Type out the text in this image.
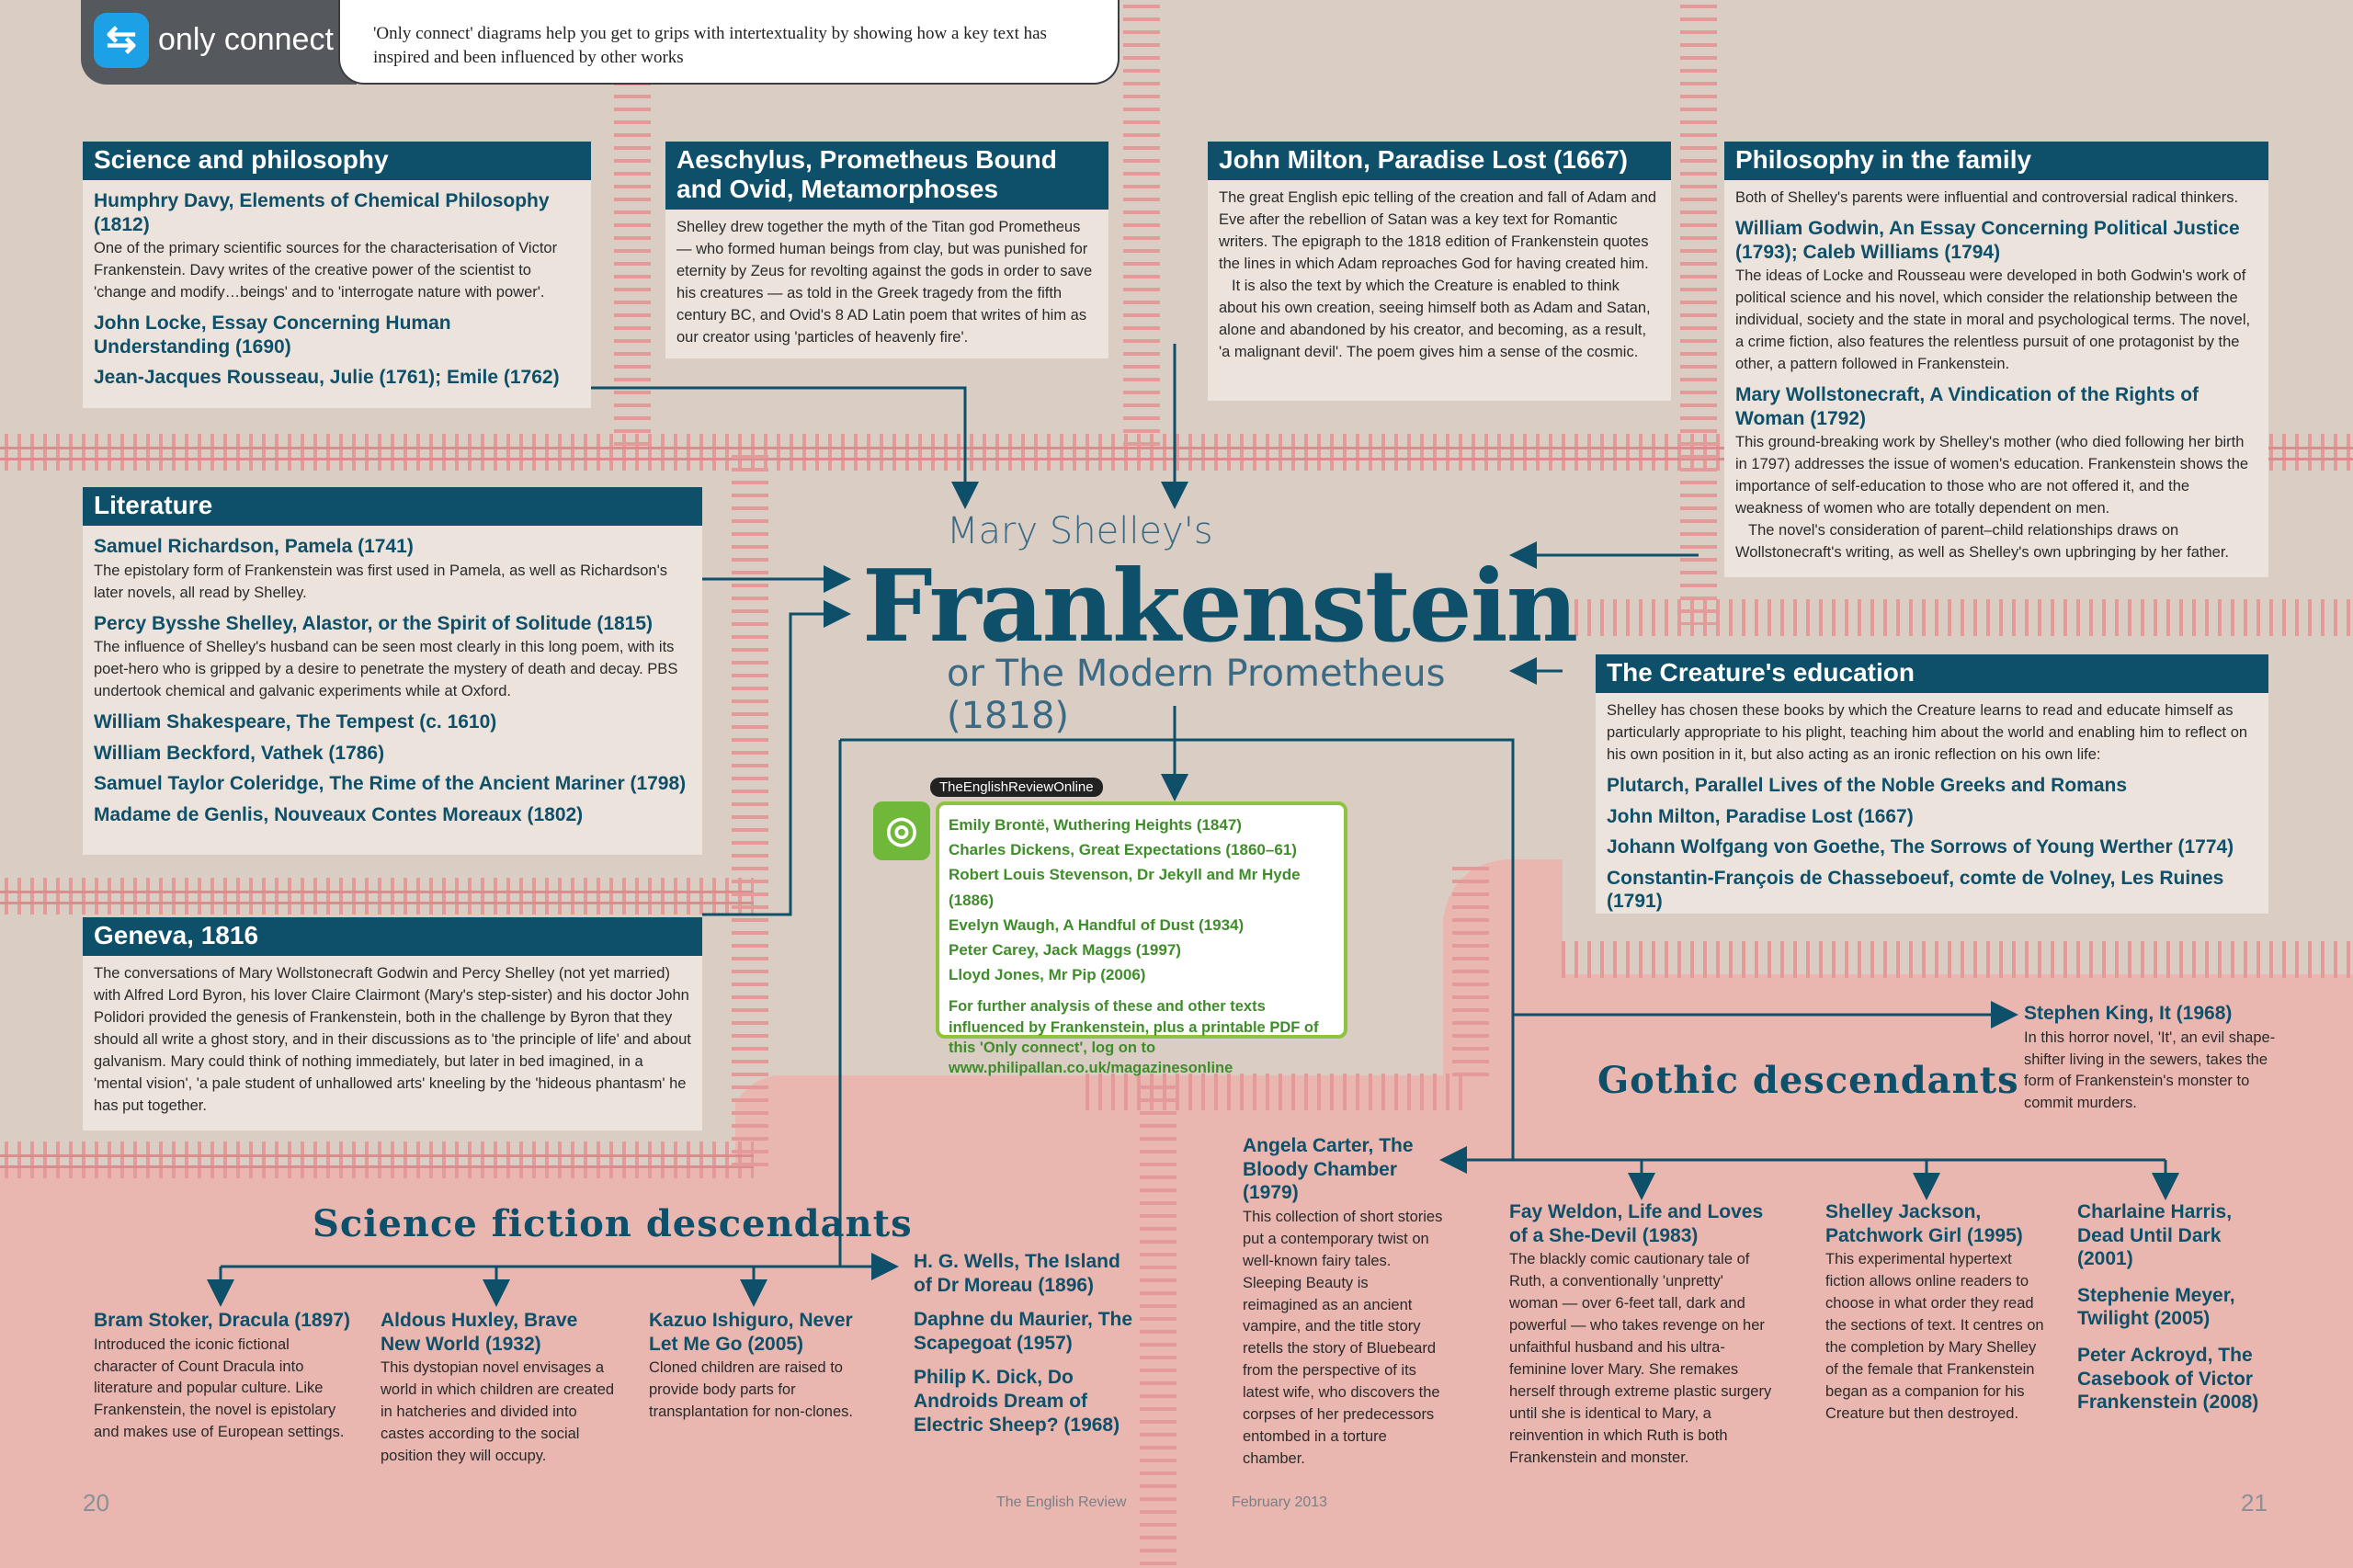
⇆ only connect 'Only connect' diagrams help you get to grips with intertextuality by showing how a key text has inspired and been influenced by other works
Science and philosophy
Humphry Davy, Elements of Chemical Philosophy (1812)
One of the primary scientific sources for the characterisation of Victor Frankenstein. Davy writes of the creative power of the scientist to 'change and modify…beings' and to 'interrogate nature with power'.
John Locke, Essay Concerning Human Understanding (1690)
Jean-Jacques Rousseau, Julie (1761); Emile (1762)
Aeschylus, Prometheus Bound and Ovid, Metamorphoses
Shelley drew together the myth of the Titan god Prometheus — who formed human beings from clay, but was punished for eternity by Zeus for revolting against the gods in order to save his creatures — as told in the Greek tragedy from the fifth century BC, and Ovid's 8 AD Latin poem that writes of him as our creator using 'particles of heavenly fire'.
John Milton, Paradise Lost (1667)
The great English epic telling of the creation and fall of Adam and Eve after the rebellion of Satan was a key text for Romantic writers. The epigraph to the 1818 edition of Frankenstein quotes the lines in which Adam reproaches God for having created him.
It is also the text by which the Creature is enabled to think about his own creation, seeing himself both as Adam and Satan, alone and abandoned by his creator, and becoming, as a result, 'a malignant devil'. The poem gives him a sense of the cosmic.
Philosophy in the family
Both of Shelley's parents were influential and controversial radical thinkers.
William Godwin, An Essay Concerning Political Justice (1793); Caleb Williams (1794)
The ideas of Locke and Rousseau were developed in both Godwin's work of political science and his novel, which consider the relationship between the individual, society and the state in moral and psychological terms. The novel, a crime fiction, also features the relentless pursuit of one protagonist by the other, a pattern followed in Frankenstein.
Mary Wollstonecraft, A Vindication of the Rights of Woman (1792)
This ground-breaking work by Shelley's mother (who died following her birth in 1797) addresses the issue of women's education. Frankenstein shows the importance of self-education to those who are not offered it, and the weakness of women who are totally dependent on men.
The novel's consideration of parent–child relationships draws on Wollstonecraft's writing, as well as Shelley's own upbringing by her father.
Literature
Samuel Richardson, Pamela (1741)
The epistolary form of Frankenstein was first used in Pamela, as well as Richardson's later novels, all read by Shelley.
Percy Bysshe Shelley, Alastor, or the Spirit of Solitude (1815)
The influence of Shelley's husband can be seen most clearly in this long poem, with its poet-hero who is gripped by a desire to penetrate the mystery of death and decay. PBS undertook chemical and galvanic experiments while at Oxford.
William Shakespeare, The Tempest (c. 1610)
William Beckford, Vathek (1786)
Samuel Taylor Coleridge, The Rime of the Ancient Mariner (1798)
Madame de Genlis, Nouveaux Contes Moreaux (1802)
Geneva, 1816
The conversations of Mary Wollstonecraft Godwin and Percy Shelley (not yet married) with Alfred Lord Byron, his lover Claire Clairmont (Mary's step-sister) and his doctor John Polidori provided the genesis of Frankenstein, both in the challenge by Byron that they should all write a ghost story, and in their discussions as to 'the principle of life' and about galvanism. Mary could think of nothing immediately, but later in bed imagined, in a 'mental vision', 'a pale student of unhallowed arts' kneeling by the 'hideous phantasm' he has put together.
Mary Shelley's
Frankenstein
or The Modern Prometheus (1818)
The Creature's education
Shelley has chosen these books by which the Creature learns to read and educate himself as particularly appropriate to his plight, teaching him about the world and enabling him to reflect on his own position in it, but also acting as an ironic reflection on his own life:
Plutarch, Parallel Lives of the Noble Greeks and Romans
John Milton, Paradise Lost (1667)
Johann Wolfgang von Goethe, The Sorrows of Young Werther (1774)
Constantin-François de Chasseboeuf, comte de Volney, Les Ruines (1791)
TheEnglishReviewOnline
◎	Emily Brontë, Wuthering Heights (1847)
Charles Dickens, Great Expectations (1860–61)
Robert Louis Stevenson, Dr Jekyll and Mr Hyde (1886)
Evelyn Waugh, A Handful of Dust (1934)
Peter Carey, Jack Maggs (1997)
Lloyd Jones, Mr Pip (2006)
For further analysis of these and other texts influenced by Frankenstein, plus a printable PDF of this 'Only connect', log on to www.philipallan.co.uk/magazinesonline
Science fiction descendants
Bram Stoker, Dracula (1897)
Introduced the iconic fictional character of Count Dracula into literature and popular culture. Like Frankenstein, the novel is epistolary and makes use of European settings.
Aldous Huxley, Brave New World (1932)
This dystopian novel envisages a world in which children are created in hatcheries and divided into castes according to the social position they will occupy.
Kazuo Ishiguro, Never Let Me Go (2005)
Cloned children are raised to provide body parts for transplantation for non-clones.
H. G. Wells, The Island of Dr Moreau (1896)
Daphne du Maurier, The Scapegoat (1957)
Philip K. Dick, Do Androids Dream of Electric Sheep? (1968)
Gothic descendants
Stephen King, It (1968)
In this horror novel, 'It', an evil shape-shifter living in the sewers, takes the form of Frankenstein's monster to commit murders.
Angela Carter, The Bloody Chamber (1979)
This collection of short stories put a contemporary twist on well-known fairy tales. Sleeping Beauty is reimagined as an ancient vampire, and the title story retells the story of Bluebeard from the perspective of its latest wife, who discovers the corpses of her predecessors entombed in a torture chamber.
Fay Weldon, Life and Loves of a She-Devil (1983)
The blackly comic cautionary tale of Ruth, a conventionally 'unpretty' woman — over 6-feet tall, dark and powerful — who takes revenge on her unfaithful husband and his ultra-feminine lover Mary. She remakes herself through extreme plastic surgery until she is identical to Mary, a reinvention in which Ruth is both Frankenstein and monster.
Shelley Jackson, Patchwork Girl (1995)
This experimental hypertext fiction allows online readers to choose in what order they read the sections of text. It centres on the completion by Mary Shelley of the female that Frankenstein began as a companion for his Creature but then destroyed.
Charlaine Harris, Dead Until Dark (2001)
Stephenie Meyer, Twilight (2005)
Peter Ackroyd, The Casebook of Victor Frankenstein (2008)
20	21
The English Review	February 2013
